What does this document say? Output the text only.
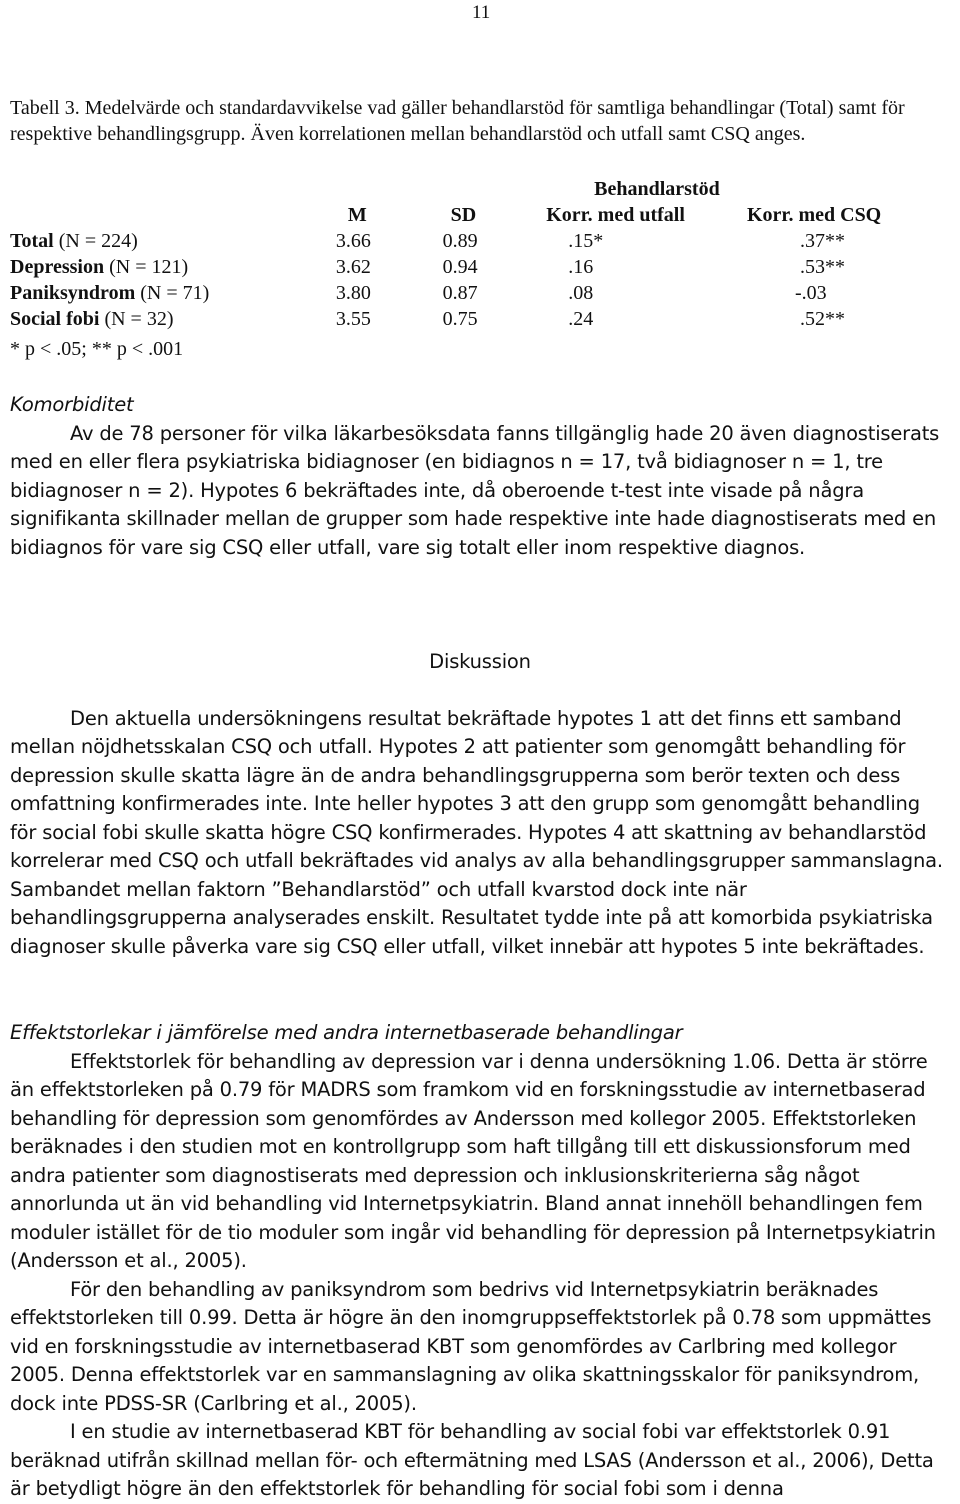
11

Tabell 3. Medelvärde och standardavvikelse vad gäller behandlarstöd för samtliga behandlingar (Total) samt för respektive behandlingsgrupp. Även korrelationen mellan behandlarstöd och utfall samt CSQ anges.

	Behandlarstöd			
	M	SD	Korr. med utfall	Korr. med CSQ
Total (N = 224)	3.66	0.89	.15*	.37**
Depression (N = 121)	3.62	0.94	.16	.53**
Paniksyndrom (N = 71)	3.80	0.87	.08	-.03
Social fobi (N = 32)	3.55	0.75	.24	.52**
* p < .05; ** p < .001

Komorbiditet

Av de 78 personer för vilka läkarbesöksdata fanns tillgänglig hade 20 även diagnostiserats med en eller flera psykiatriska bidiagnoser (en bidiagnos n = 17, två bidiagnoser n = 1, tre bidiagnoser n = 2). Hypotes 6 bekräftades inte, då oberoende t-test inte visade på några signifikanta skillnader mellan de grupper som hade respektive inte hade diagnostiserats med en bidiagnos för vare sig CSQ eller utfall, vare sig totalt eller inom respektive diagnos.

Diskussion

Den aktuella undersökningens resultat bekräftade hypotes 1 att det finns ett samband mellan nöjdhetsskalan CSQ och utfall. Hypotes 2 att patienter som genomgått behandling för depression skulle skatta lägre än de andra behandlingsgrupperna som berör texten och dess omfattning konfirmerades inte. Inte heller hypotes 3 att den grupp som genomgått behandling för social fobi skulle skatta högre CSQ konfirmerades. Hypotes 4 att skattning av behandlarstöd korrelerar med CSQ och utfall bekräftades vid analys av alla behandlingsgrupper sammanslagna. Sambandet mellan faktorn ”Behandlarstöd” och utfall kvarstod dock inte när behandlingsgrupperna analyserades enskilt. Resultatet tydde inte på att komorbida psykiatriska diagnoser skulle påverka vare sig CSQ eller utfall, vilket innebär att hypotes 5 inte bekräftades.

Effektstorlekar i jämförelse med andra internetbaserade behandlingar

Effektstorlek för behandling av depression var i denna undersökning 1.06. Detta är större än effektstorleken på 0.79 för MADRS som framkom vid en forskningsstudie av internetbaserad behandling för depression som genomfördes av Andersson med kollegor 2005. Effektstorleken beräknades i den studien mot en kontrollgrupp som haft tillgång till ett diskussionsforum med andra patienter som diagnostiserats med depression och inklusionskriterierna såg något annorlunda ut än vid behandling vid Internetpsykiatrin. Bland annat innehöll behandlingen fem moduler istället för de tio moduler som ingår vid behandling för depression på Internetpsykiatrin (Andersson et al., 2005).

För den behandling av paniksyndrom som bedrivs vid Internetpsykiatrin beräknades effektstorleken till 0.99. Detta är högre än den inomgruppseffektstorlek på 0.78 som uppmättes vid en forskningsstudie av internetbaserad KBT som genomfördes av Carlbring med kollegor 2005. Denna effektstorlek var en sammanslagning av olika skattningsskalor för paniksyndrom, dock inte PDSS-SR (Carlbring et al., 2005).

I en studie av internetbaserad KBT för behandling av social fobi var effektstorlek 0.91 beräknad utifrån skillnad mellan för- och eftermätning med LSAS (Andersson et al., 2006), Detta är betydligt högre än den effektstorlek för behandling för social fobi som i denna
